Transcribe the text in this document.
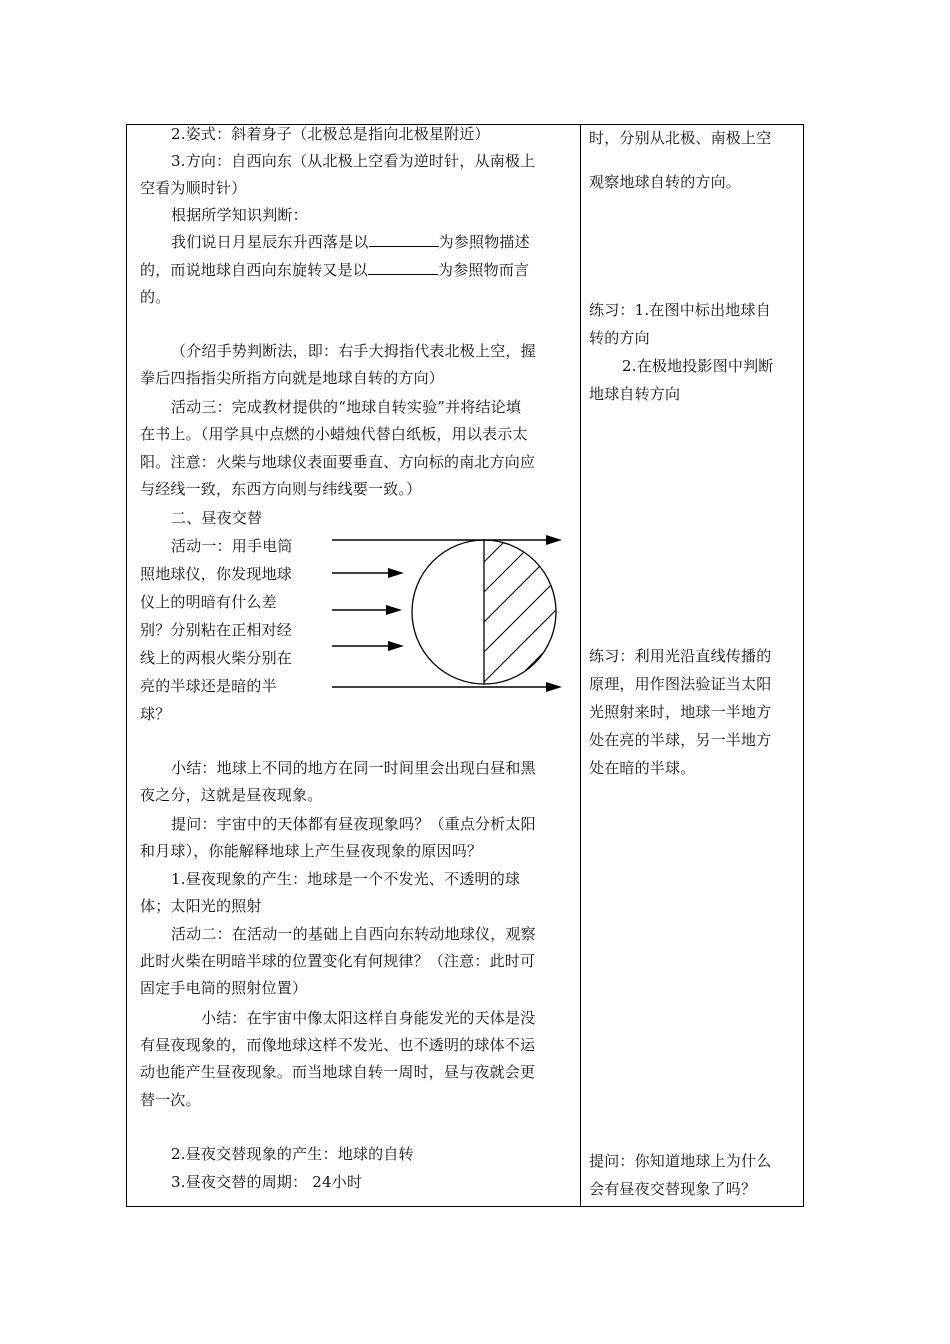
2.姿式：斜着身子（北极总是指向北极星附近）
3.方向：自西向东（从北极上空看为逆时针，从南极上
空看为顺时针）
根据所学知识判断：
我们说日月星辰东升西落是以	为参照物描述
的，而说地球自西向东旋转又是以	为参照物而言
的。
（介绍手势判断法，即：右手大拇指代表北极上空，握
拳后四指指尖所指方向就是地球自转的方向）
活动三：完成教材提供的“地球自转实验”并将结论填
在书上。（用学具中点燃的小蜡烛代替白纸板，用以表示太
阳。注意：火柴与地球仪表面要垂直、方向标的南北方向应
与经线一致，东西方向则与纬线要一致。）
二、昼夜交替
活动一：用手电筒
照地球仪，你发现地球
仪上的明暗有什么差
别？分别粘在正相对经
线上的两根火柴分别在
亮的半球还是暗的半
球？
小结：地球上不同的地方在同一时间里会出现白昼和黑
夜之分，这就是昼夜现象。
提问：宇宙中的天体都有昼夜现象吗？（重点分析太阳
和月球），你能解释地球上产生昼夜现象的原因吗？
1.昼夜现象的产生：地球是一个不发光、不透明的球
体；太阳光的照射
活动二：在活动一的基础上自西向东转动地球仪，观察
此时火柴在明暗半球的位置变化有何规律？（注意：此时可
固定手电筒的照射位置）
小结：在宇宙中像太阳这样自身能发光的天体是没
有昼夜现象的，而像地球这样不发光、也不透明的球体不运
动也能产生昼夜现象。而当地球自转一周时，昼与夜就会更
替一次。
2.昼夜交替现象的产生：地球的自转
3.昼夜交替的周期： 24小时
时，分别从北极、南极上空
观察地球自转的方向。
练习：1.在图中标出地球自
转的方向
2.在极地投影图中判断
地球自转方向
练习：利用光沿直线传播的
原理，用作图法验证当太阳
光照射来时，地球一半地方
处在亮的半球，另一半地方
处在暗的半球。
提问：你知道地球上为什么
会有昼夜交替现象了吗？
